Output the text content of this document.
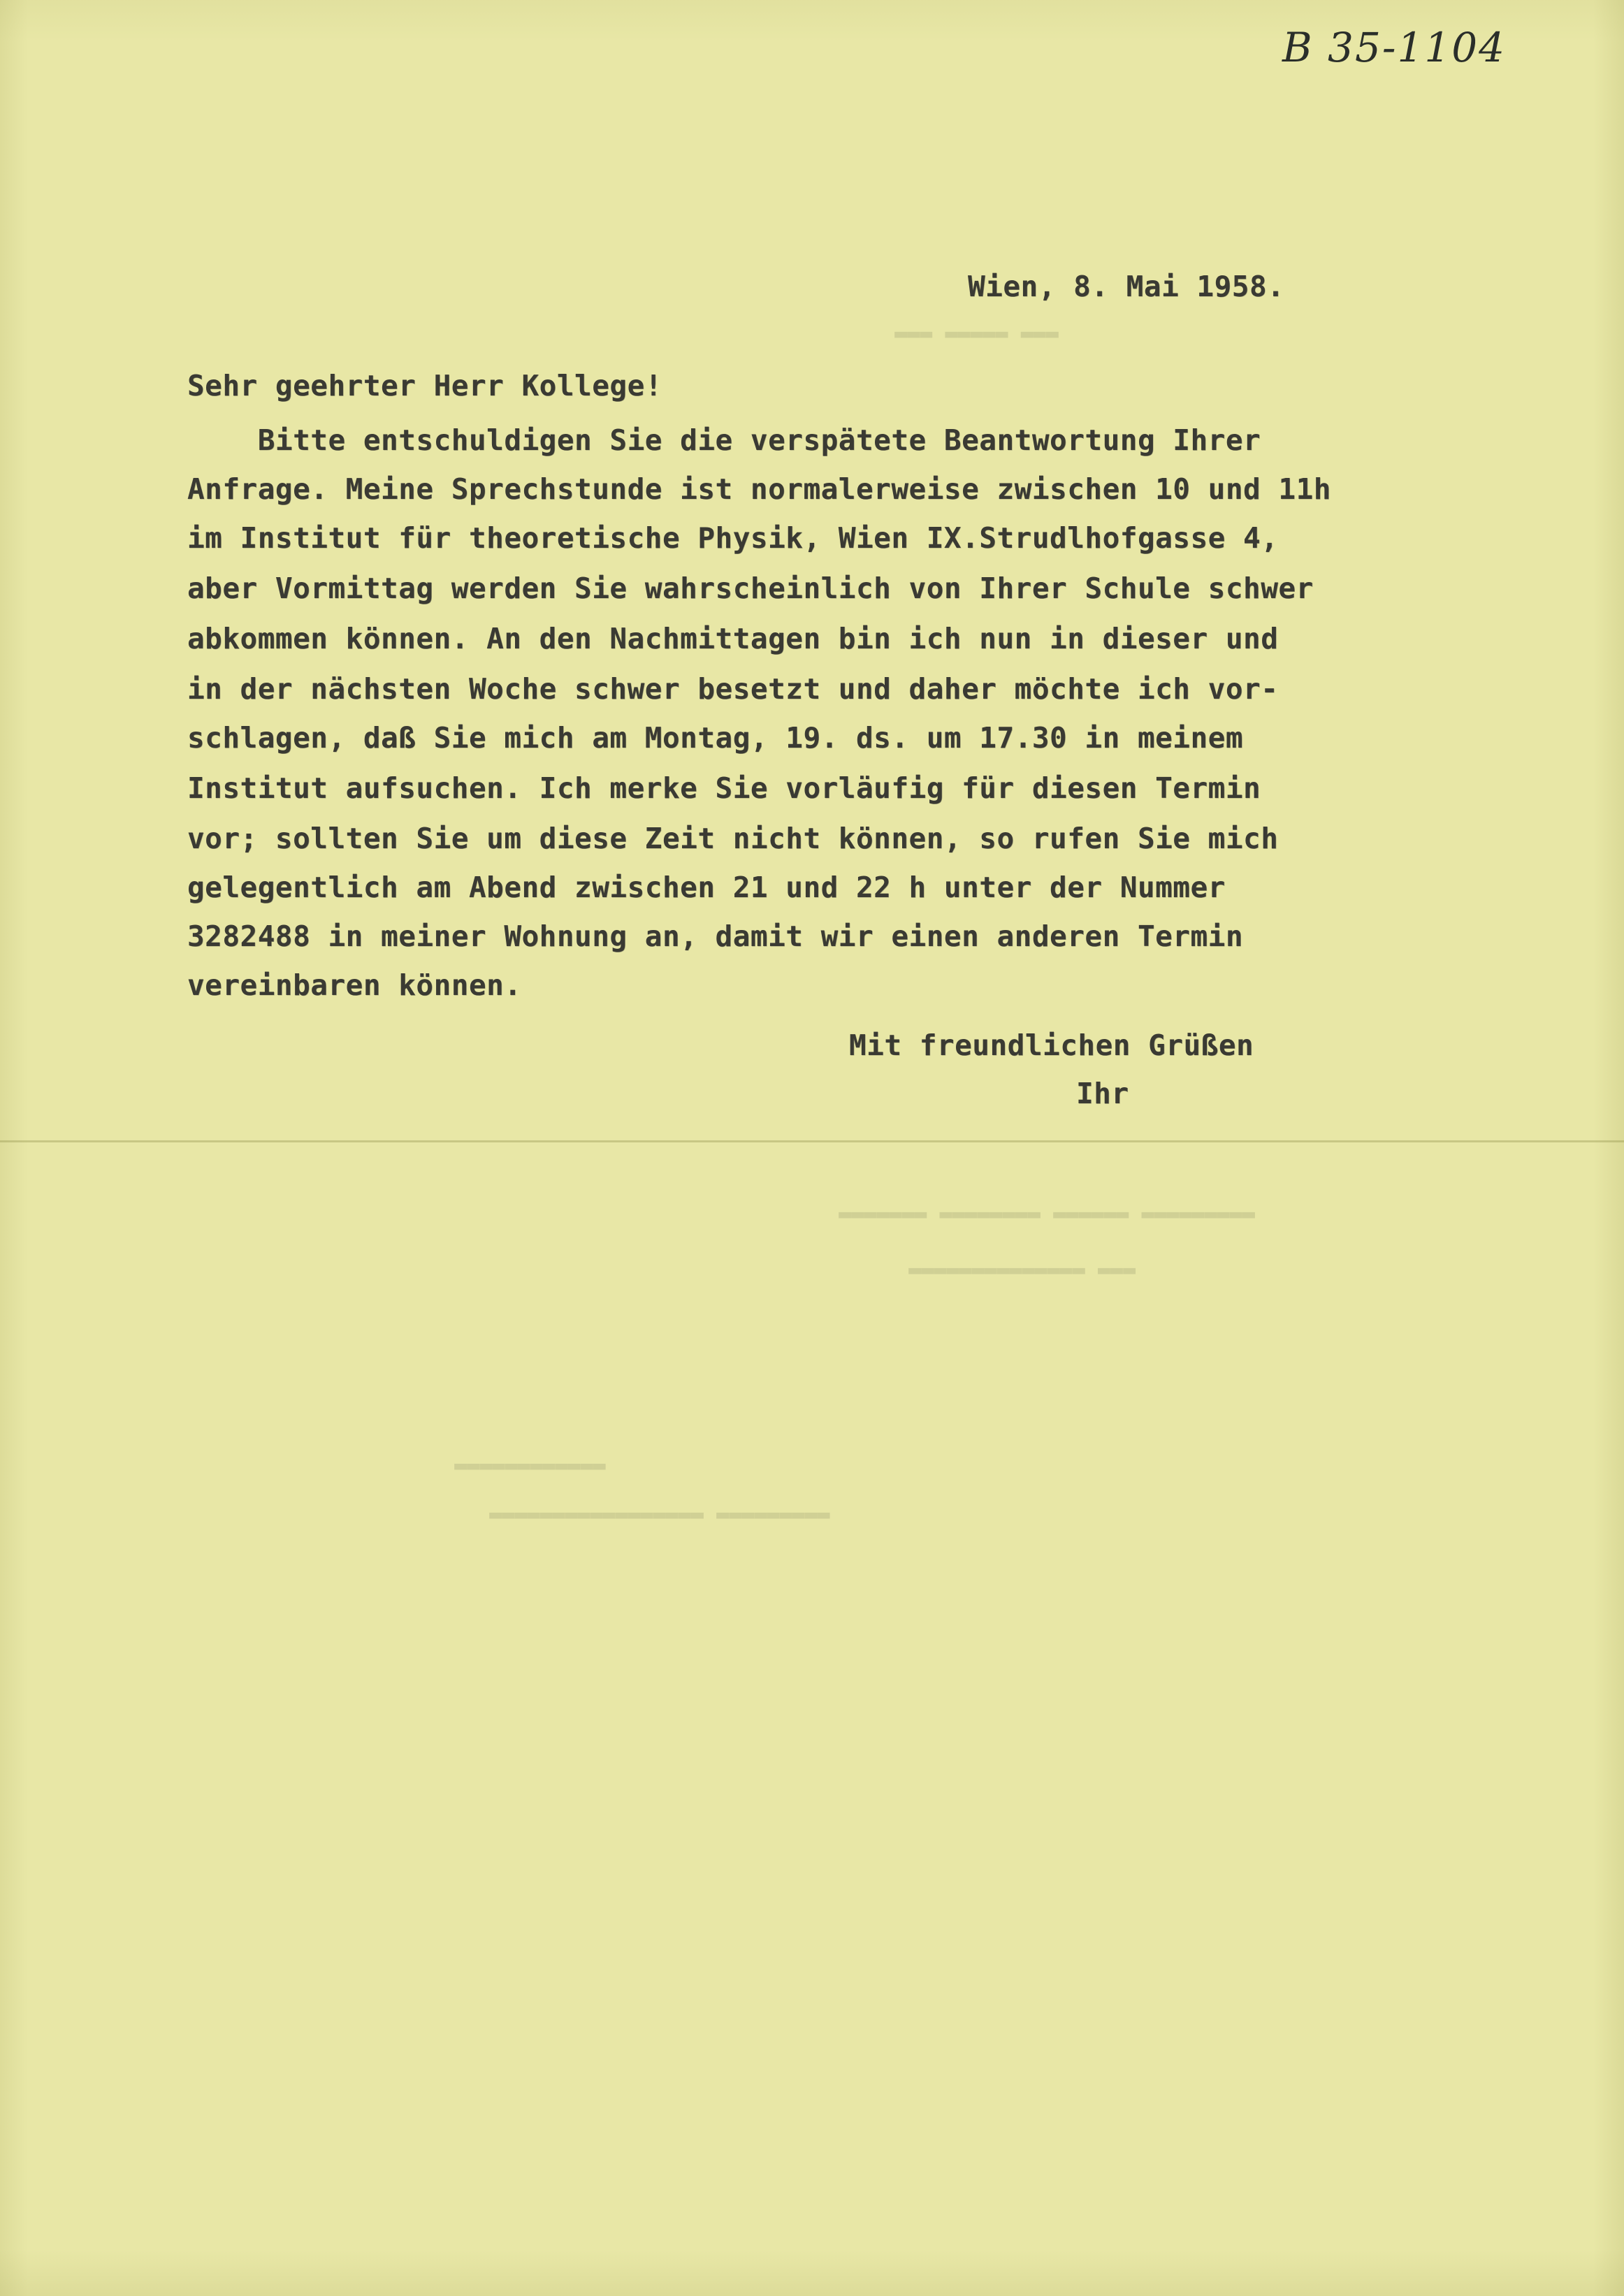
▬▬▬ ▬▬▬▬▬ ▬▬▬
▬▬▬▬▬▬▬▬▬ ▬▬▬▬▬▬ ▬▬▬▬▬▬▬▬ ▬▬▬▬▬▬▬
▬▬▬ ▬▬▬▬▬▬▬▬▬▬▬▬▬▬
▬▬▬▬▬▬▬▬▬▬▬▬
▬▬▬▬▬▬▬▬▬ ▬▬▬▬▬▬▬▬▬▬▬▬▬▬▬▬▬
B 35-1104
Wien, 8. Mai 1958.
Sehr geehrter Herr Kollege!
Bitte entschuldigen Sie die verspätete Beantwortung Ihrer
Anfrage. Meine Sprechstunde ist normalerweise zwischen 10 und 11h
im Institut für theoretische Physik, Wien IX.Strudlhofgasse 4,
aber Vormittag werden Sie wahrscheinlich von Ihrer Schule schwer
abkommen können. An den Nachmittagen bin ich nun in dieser und
in der nächsten Woche schwer besetzt und daher möchte ich vor-
schlagen, daß Sie mich am Montag, 19. ds. um 17.30 in meinem
Institut aufsuchen. Ich merke Sie vorläufig für diesen Termin
vor; sollten Sie um diese Zeit nicht können, so rufen Sie mich
gelegentlich am Abend zwischen 21 und 22 h unter der Nummer
3282488 in meiner Wohnung an, damit wir einen anderen Termin
vereinbaren können.
Mit freundlichen Grüßen
Ihr
